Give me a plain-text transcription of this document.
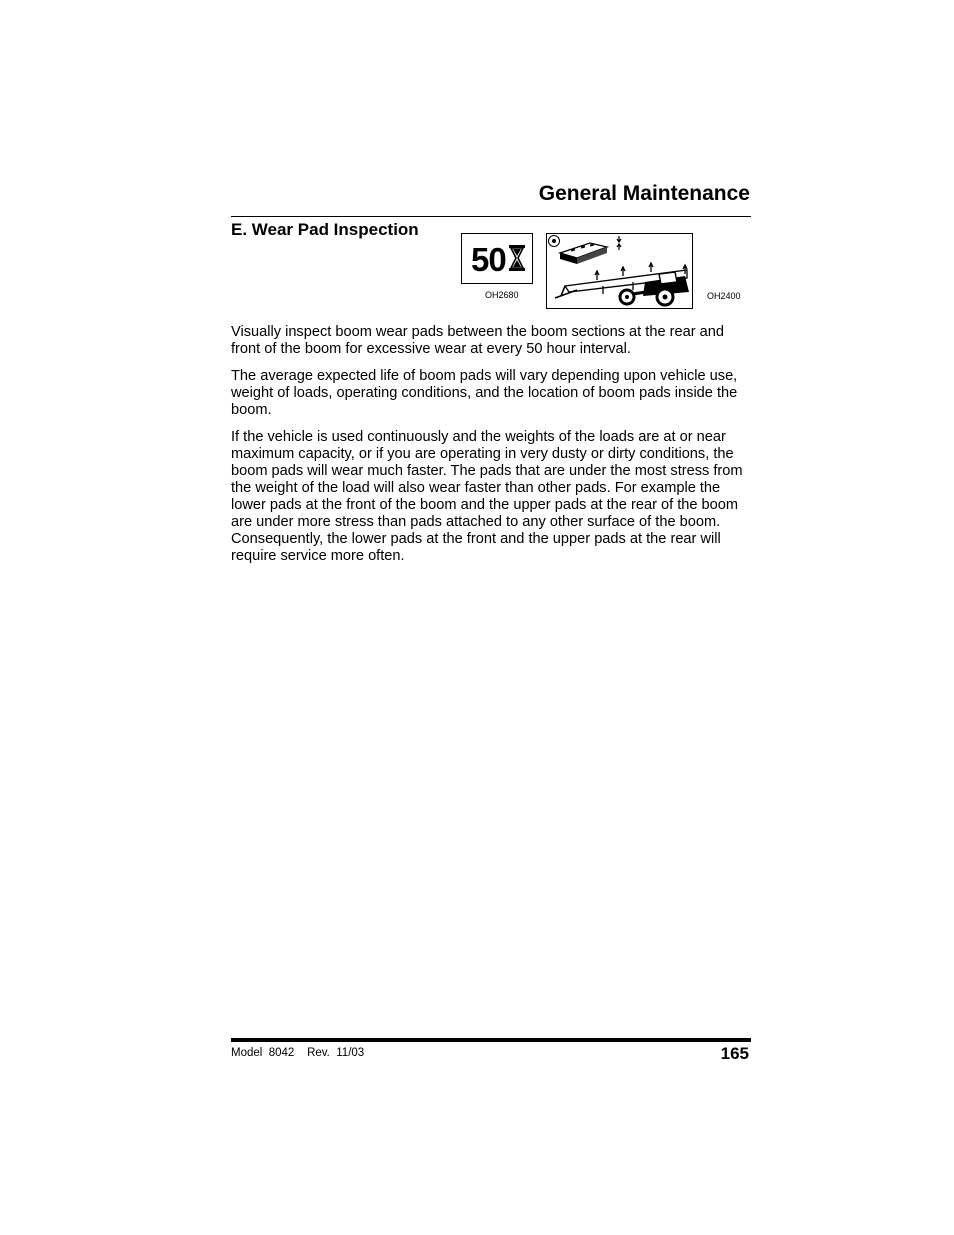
General Maintenance
E. Wear Pad Inspection
50
OH2680	OH2400

Visually inspect boom wear pads between the boom sections at the rear and front of the boom for excessive wear at every 50 hour interval.

The average expected life of boom pads will vary depending upon vehicle use, weight of loads, operating conditions, and the location of boom pads inside the boom.

If the vehicle is used continuously and the weights of the loads are at or near maximum capacity, or if you are operating in very dusty or dirty conditions, the boom pads will wear much faster. The pads that are under the most stress from the weight of the load will also wear faster than other pads. For example the lower pads at the front of the boom and the upper pads at the rear of the boom are under more stress than pads attached to any other surface of the boom. Consequently, the lower pads at the front and the upper pads at the rear will require service more often.

Model  8042    Rev.  11/03	165
